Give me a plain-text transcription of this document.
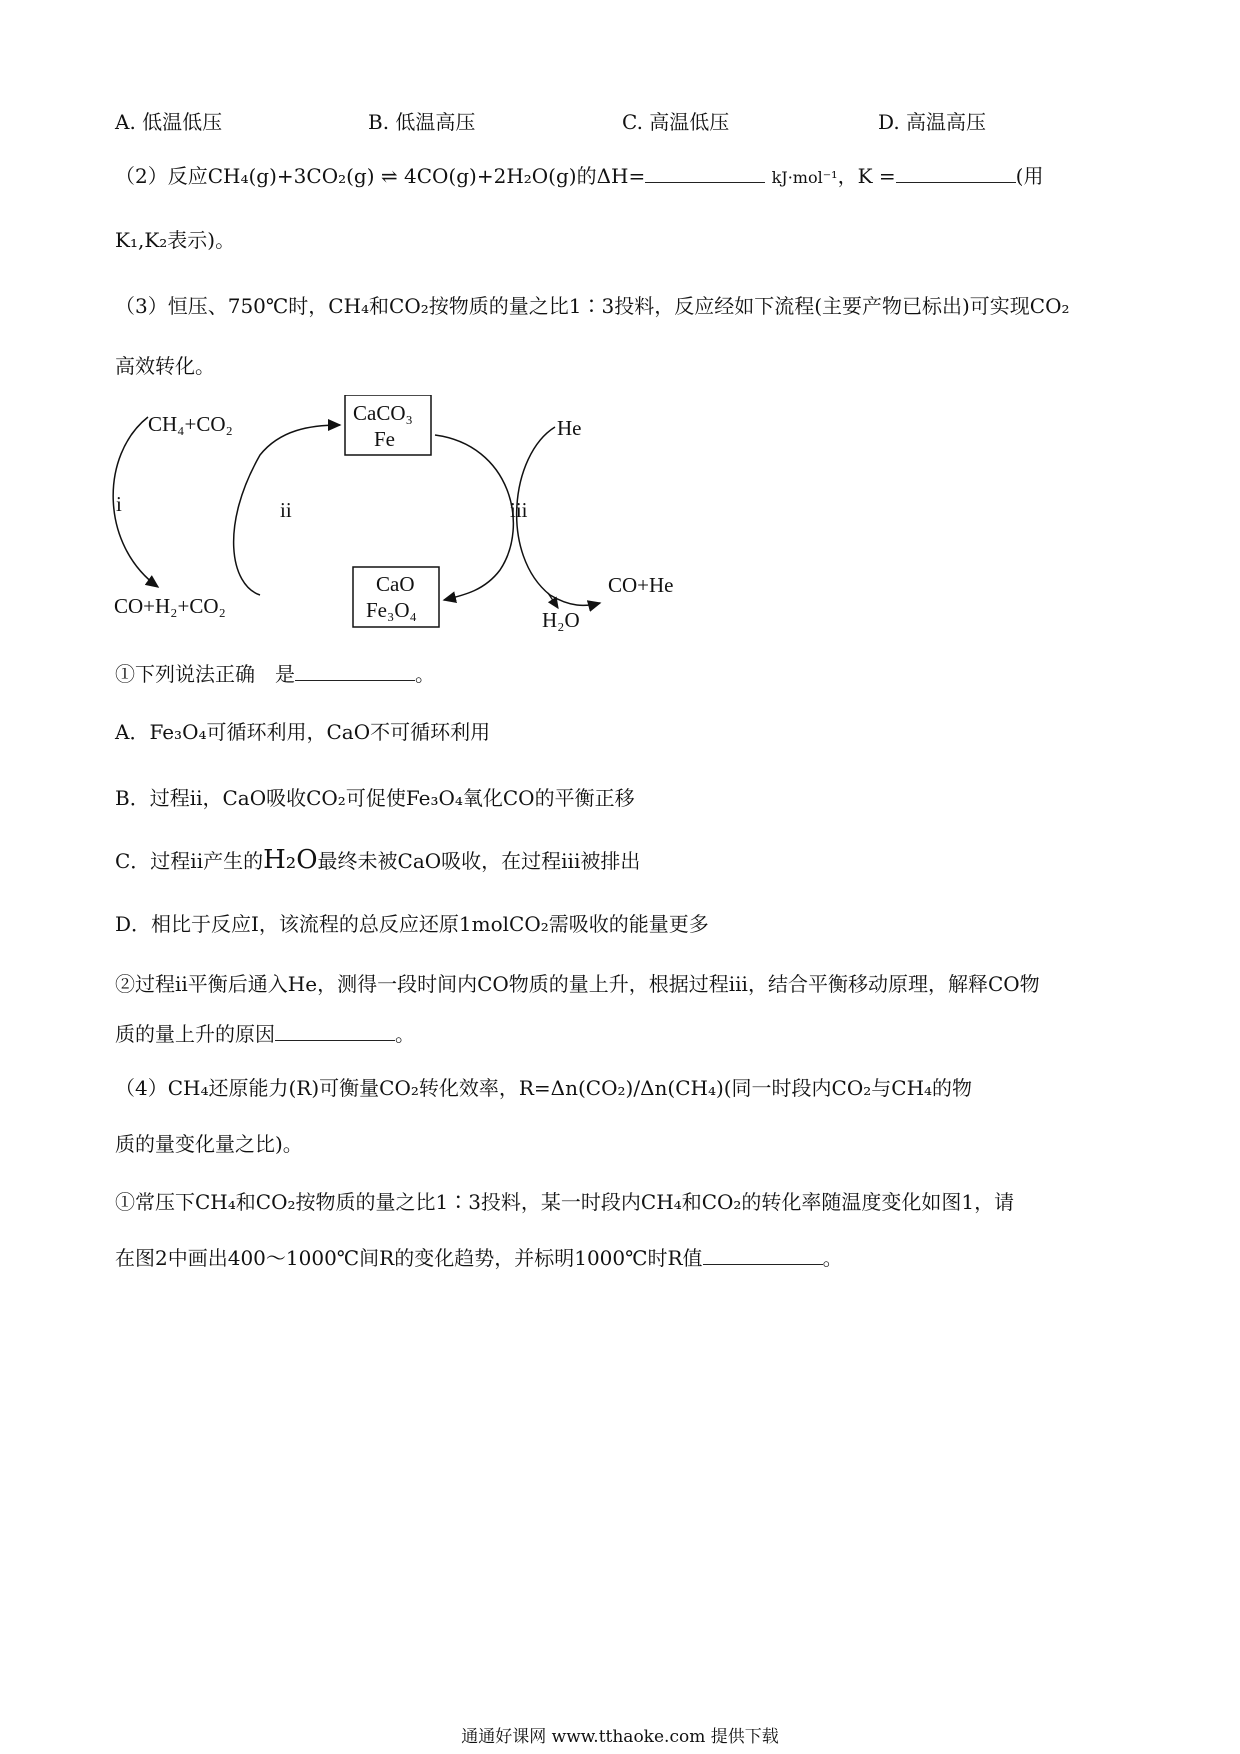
A. 低温低压	B. 低温高压	C. 高温低压	D. 高温高压
（2）反应CH₄(g)+3CO₂(g) ⇌ 4CO(g)+2H₂O(g)的ΔH=	kJ·mol⁻¹，K =	(用
K₁,K₂表示)。
（3）恒压、750℃时，CH₄和CO₂按物质的量之比1∶3投料，反应经如下流程(主要产物已标出)可实现CO₂
高效转化。
CH₄+CO₂
i
CO+H₂+CO₂
CaCO₃
Fe
CaO
Fe₃O₄
ii	iii
He
CO+He
H₂O
①下列说法正确　是	。
A．Fe₃O₄可循环利用，CaO不可循环利用
B．过程ii，CaO吸收CO₂可促使Fe₃O₄氧化CO的平衡正移
C．过程ii产生的H₂O最终未被CaO吸收，在过程iii被排出
D．相比于反应I，该流程的总反应还原1molCO₂需吸收的能量更多
②过程ii平衡后通入He，测得一段时间内CO物质的量上升，根据过程iii，结合平衡移动原理，解释CO物
质的量上升的原因	。
（4）CH₄还原能力(R)可衡量CO₂转化效率，R=Δn(CO₂)/Δn(CH₄)(同一时段内CO₂与CH₄的物
质的量变化量之比)。
①常压下CH₄和CO₂按物质的量之比1∶3投料，某一时段内CH₄和CO₂的转化率随温度变化如图1，请
在图2中画出400～1000℃间R的变化趋势，并标明1000℃时R值	。
通通好课网 www.tthaoke.com 提供下载
